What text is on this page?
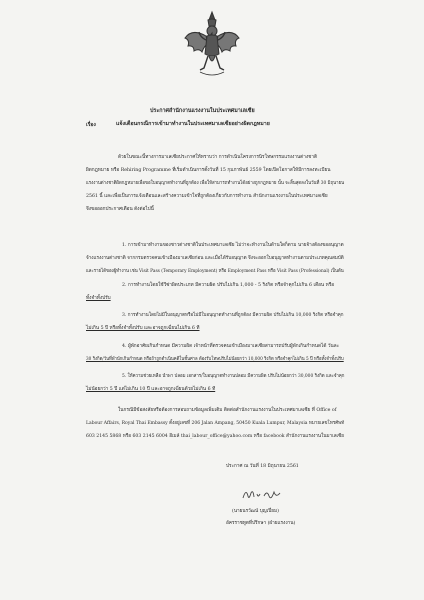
ประกาศสำนักงานแรงงานในประเทศมาเลเซีย
เรื่อง	แจ้งเตือนกรณีการเข้ามาทำงานในประเทศมาเลเซียอย่างผิดกฎหมาย
ด้วยในขณะนี้ทางการมาเลเซียประกาศให้ทราบว่า การดำเนินโครงการนิรโทษกรรมแรงงานต่างชาติ
ผิดกฎหมาย หรือ Rehiring Programme ที่เริ่มดำเนินการตั้งวันที่ 15 กุมภาพันธ์ 2559 โดยเปิดโอกาสให้มีการลงทะเบียน
แรงงานต่างชาติผิดกฎหมายเพื่อขอใบอนุญาตทำงานที่ถูกต้อง เพื่อให้สามารถทำงานได้อย่างถูกกฎหมาย นั้น จะสิ้นสุดลงในวันที่ 30 มิถุนายน
2561 นี้ และเพื่อเป็นการแจ้งเตือนและสร้างความเข้าใจที่ถูกต้องเกี่ยวกับการทำงาน สำนักงานแรงงานในประเทศมาเลเซีย
จึงขอออกประกาศเตือน ดังต่อไปนี้
1. การเข้ามาทำงานของชาวต่างชาติในประเทศมาเลเซีย ไม่ว่าจะทำงานในด้านใดก็ตาม นายจ้างต้องขออนุญาต
จ้างแรงงานต่างชาติ จากกรมตรวจคนเข้าเมืองมาเลเซียก่อน และเมื่อได้รับอนุญาต จึงจะออกใบอนุญาตทำงานตามประเภทคุณสมบัติ
และรายได้ของผู้ทำงาน เช่น Visit Pass (Temporary Employment) หรือ Employment Pass หรือ Visit Pass (Professional) เป็นต้น
2. การทำงานโดยใช้วีซ่าผิดประเภท มีความผิด ปรับไม่เกิน 1,000 - 5 ริงกิต หรือจำคุกไม่เกิน 6 เดือน หรือ
ทั้งจำทั้งปรับ
3. การทำงานโดยไม่มีใบอนุญาตหรือไม่มีใบอนุญาตทำงานที่ถูกต้อง มีความผิด ปรับไม่เกิน 10,000 ริงกิต หรือจำคุก
ไม่เกิน 5 ปี หรือทั้งจำทั้งปรับ และอาจถูกเฆี่ยนไม่เกิน 6 ที
4. ผู้พักอาศัยเกินกำหนด มีความผิด เจ้าหน้าที่ตรวจคนเข้าเมืองมาเลเซียสามารถปรับผู้พักเกินกำหนดได้ วันละ
30 ริงกิต/วันที่พำนักเกินกำหนด หรือถ้าถูกดำเนินคดีในชั้นศาล ต้องรับโทษปรับไม่น้อยกว่า 10,000 ริงกิต หรือจำคุกไม่เกิน 5 ปี หรือทั้งจำทั้งปรับ
5. ให้ความช่วยเหลือ นำพา ปลอม เอกสาร/ใบอนุญาตทำงานปลอม มีความผิด ปรับไม่น้อยกว่า 30,000 ริงกิต และจำคุก
ไม่น้อยกว่า 5 ปี แต่ไม่เกิน 10 ปี และอาจถูกเฆี่ยนด้วยไม่เกิน 6 ที
ในกรณีมีข้อสงสัยหรือต้องการสอบถามข้อมูลเพิ่มเติม ติดต่อสำนักงานแรงงานในประเทศมาเลเซีย ที่ Office of
Labour Affairs, Royal Thai Embassy ตั้งอยู่เลขที่ 206 Jalan Ampang, 50450 Kuala Lumpur, Malaysia หมายเลขโทรศัพท์
603 2145 5868 หรือ 603 2145 6004 อีเมล์ thai_labour_office@yahoo.com หรือ facebook สำนักงานแรงงานในมาเลเซีย
ประกาศ ณ วันที่ 18 มิถุนายน 2561
(นายนรวัฒน์ บุญเปี่ยม)
อัครราชทูตที่ปรึกษา (ฝ่ายแรงงาน)
